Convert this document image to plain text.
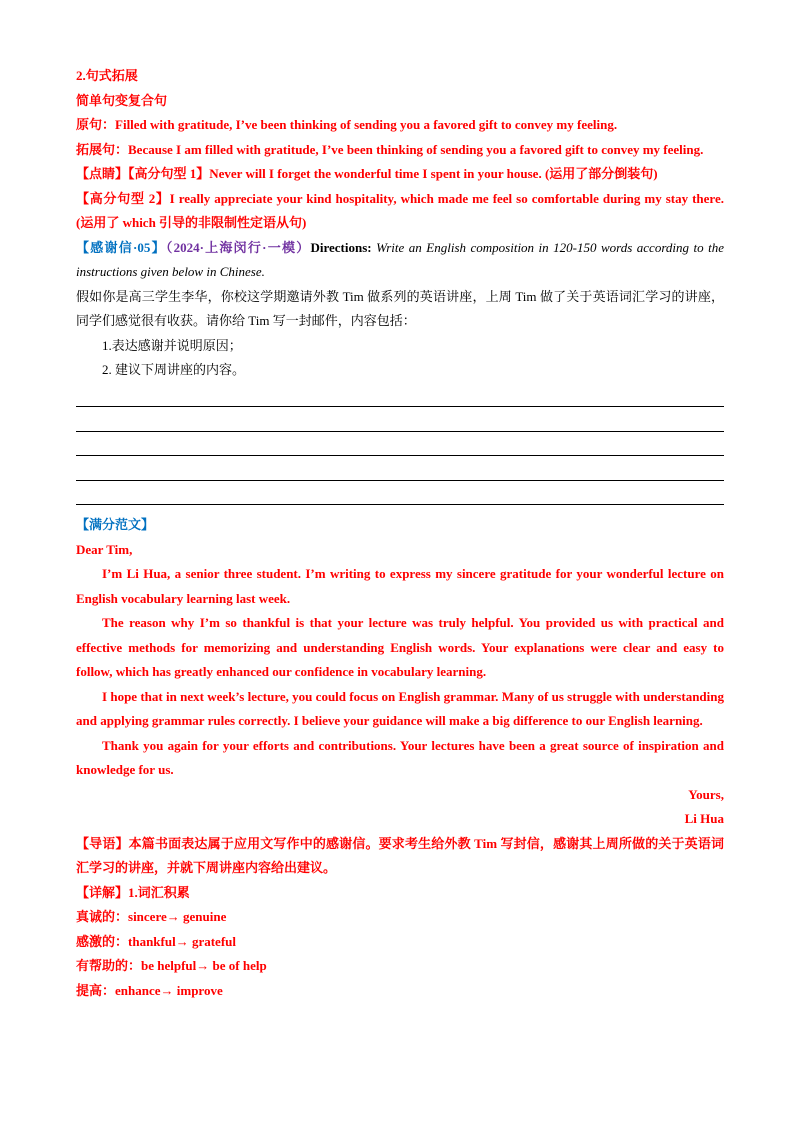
2.句式拓展
简单句变复合句
原句：Filled with gratitude, I’ve been thinking of sending you a favored gift to convey my feeling.
拓展句：Because I am filled with gratitude, I’ve been thinking of sending you a favored gift to convey my feeling.
【点睛】【高分句型 1】Never will I forget the wonderful time I spent in your house. (运用了部分倒装句)
【高分句型 2】I really appreciate your kind hospitality, which made me feel so comfortable during my stay there. (运用了 which 引导的非限制性定语从句)
【感谢信·05】（2024·上海闵行·一模）Directions: Write an English composition in 120-150 words according to the instructions given below in Chinese.
假如你是高三学生李华，你校这学期邀请外教 Tim 做系列的英语讲座，上周 Tim 做了关于英语词汇学习的讲座，同学们感觉很有收获。请你给 Tim 写一封邮件，内容包括：
1.表达感谢并说明原因；
2. 建议下周讲座的内容。
【满分范文】
Dear Tim,
I’m Li Hua, a senior three student. I’m writing to express my sincere gratitude for your wonderful lecture on English vocabulary learning last week.
The reason why I’m so thankful is that your lecture was truly helpful. You provided us with practical and effective methods for memorizing and understanding English words. Your explanations were clear and easy to follow, which has greatly enhanced our confidence in vocabulary learning.
I hope that in next week’s lecture, you could focus on English grammar. Many of us struggle with understanding and applying grammar rules correctly. I believe your guidance will make a big difference to our English learning.
Thank you again for your efforts and contributions. Your lectures have been a great source of inspiration and knowledge for us.
Yours,
Li Hua
【导语】本篇书面表达属于应用文写作中的感谢信。要求考生给外教 Tim 写封信，感谢其上周所做的关于英语词汇学习的讲座，并就下周讲座内容给出建议。
【详解】1.词汇积累
真诚的：sincere→ genuine
感激的：thankful→ grateful
有帮助的：be helpful→ be of help
提高：enhance→ improve
